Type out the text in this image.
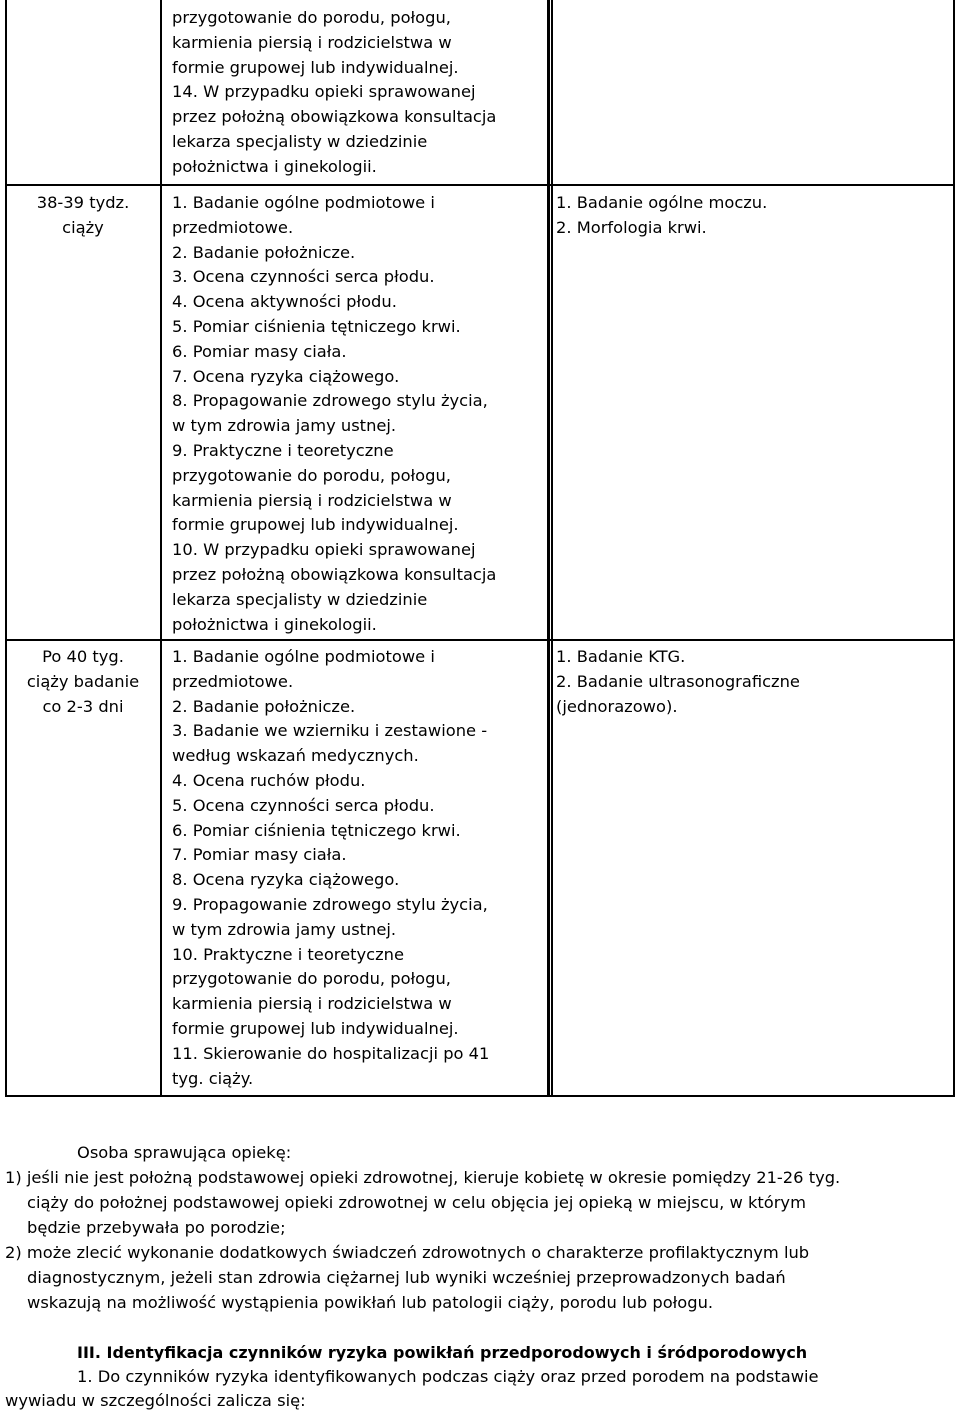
przygotowanie do porodu, połogu,
karmienia piersią i rodzicielstwa w
formie grupowej lub indywidualnej.
14. W przypadku opieki sprawowanej
przez położną obowiązkowa konsultacja
lekarza specjalisty w dziedzinie
położnictwa i ginekologii.
38-39 tydz.
ciąży
1. Badanie ogólne podmiotowe i
przedmiotowe.
2. Badanie położnicze.
3. Ocena czynności serca płodu.
4. Ocena aktywności płodu.
5. Pomiar ciśnienia tętniczego krwi.
6. Pomiar masy ciała.
7. Ocena ryzyka ciążowego.
8. Propagowanie zdrowego stylu życia,
w tym zdrowia jamy ustnej.
9. Praktyczne i teoretyczne
przygotowanie do porodu, połogu,
karmienia piersią i rodzicielstwa w
formie grupowej lub indywidualnej.
10. W przypadku opieki sprawowanej
przez położną obowiązkowa konsultacja
lekarza specjalisty w dziedzinie
położnictwa i ginekologii.
1. Badanie ogólne moczu.
2. Morfologia krwi.
Po 40 tyg.
ciąży badanie
co 2-3 dni
1. Badanie ogólne podmiotowe i
przedmiotowe.
2. Badanie położnicze.
3. Badanie we wzierniku i zestawione -
według wskazań medycznych.
4. Ocena ruchów płodu.
5. Ocena czynności serca płodu.
6. Pomiar ciśnienia tętniczego krwi.
7. Pomiar masy ciała.
8. Ocena ryzyka ciążowego.
9. Propagowanie zdrowego stylu życia,
w tym zdrowia jamy ustnej.
10. Praktyczne i teoretyczne
przygotowanie do porodu, połogu,
karmienia piersią i rodzicielstwa w
formie grupowej lub indywidualnej.
11. Skierowanie do hospitalizacji po 41
tyg. ciąży.
1. Badanie KTG.
2. Badanie ultrasonograficzne
(jednorazowo).
Osoba sprawująca opiekę:
1) jeśli nie jest położną podstawowej opieki zdrowotnej, kieruje kobietę w okresie pomiędzy 21-26 tyg.
ciąży do położnej podstawowej opieki zdrowotnej w celu objęcia jej opieką w miejscu, w którym
będzie przebywała po porodzie;
2) może zlecić wykonanie dodatkowych świadczeń zdrowotnych o charakterze profilaktycznym lub
diagnostycznym, jeżeli stan zdrowia ciężarnej lub wyniki wcześniej przeprowadzonych badań
wskazują na możliwość wystąpienia powikłań lub patologii ciąży, porodu lub połogu.
III. Identyfikacja czynników ryzyka powikłań przedporodowych i śródporodowych
1. Do czynników ryzyka identyfikowanych podczas ciąży oraz przed porodem na podstawie
wywiadu w szczególności zalicza się:
